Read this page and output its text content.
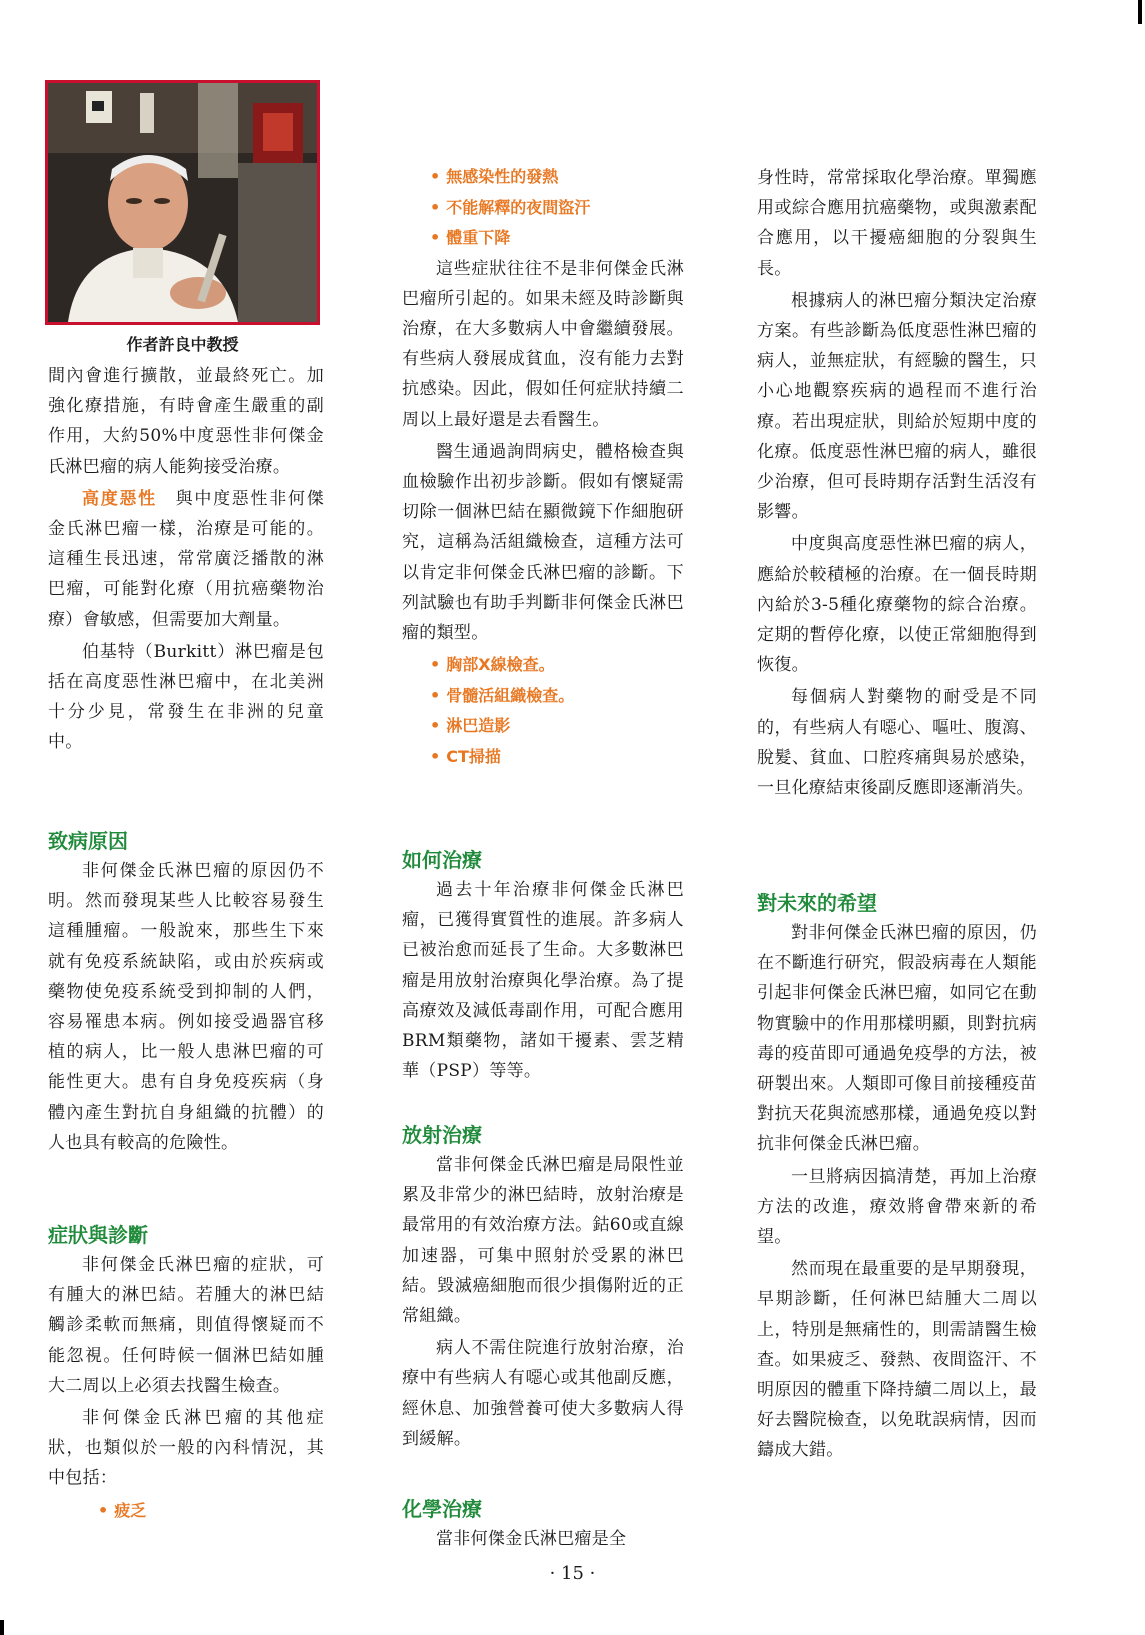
作者許良中教授

間內會進行擴散，並最終死亡。加強化療措施，有時會產生嚴重的副作用，大約50%中度惡性非何傑金氏淋巴瘤的病人能夠接受治療。

高度惡性　 與中度惡性非何傑金氏淋巴瘤一樣，治療是可能的。這種生長迅速，常常廣泛播散的淋巴瘤，可能對化療（用抗癌藥物治療）會敏感，但需要加大劑量。

伯基特（Burkitt）淋巴瘤是包括在高度惡性淋巴瘤中，在北美洲十分少見，常發生在非洲的兒童中。

致病原因

非何傑金氏淋巴瘤的原因仍不明。然而發現某些人比較容易發生這種腫瘤。一般說來，那些生下來就有免疫系統缺陷，或由於疾病或藥物使免疫系統受到抑制的人們，容易罹患本病。例如接受過器官移植的病人，比一般人患淋巴瘤的可能性更大。患有自身免疫疾病（身體內產生對抗自身組織的抗體）的人也具有較高的危險性。

症狀與診斷

非何傑金氏淋巴瘤的症狀，可有腫大的淋巴結。若腫大的淋巴結觸診柔軟而無痛，則值得懷疑而不能忽視。任何時候一個淋巴結如腫大二周以上必須去找醫生檢查。

非何傑金氏淋巴瘤的其他症狀，也類似於一般的內科情況，其中包括：

• 疲乏
• 無感染性的發熱
• 不能解釋的夜間盜汗
• 體重下降

這些症狀往往不是非何傑金氏淋巴瘤所引起的。如果未經及時診斷與治療，在大多數病人中會繼續發展。有些病人發展成貧血，沒有能力去對抗感染。因此，假如任何症狀持續二周以上最好還是去看醫生。

醫生通過詢問病史，體格檢查與血檢驗作出初步診斷。假如有懷疑需切除一個淋巴結在顯微鏡下作細胞研究，這稱為活組織檢查，這種方法可以肯定非何傑金氏淋巴瘤的診斷。下列試驗也有助手判斷非何傑金氏淋巴瘤的類型。

• 胸部X線檢查。
• 骨髓活組織檢查。
• 淋巴造影
• CT掃描
如何治療

過去十年治療非何傑金氏淋巴瘤，已獲得實質性的進展。許多病人已被治愈而延長了生命。大多數淋巴瘤是用放射治療與化學治療。為了提高療效及減低毒副作用，可配合應用BRM類藥物，諸如干擾素、雲芝精華（PSP）等等。

放射治療

當非何傑金氏淋巴瘤是局限性並累及非常少的淋巴結時，放射治療是最常用的有效治療方法。鈷60或直線加速器，可集中照射於受累的淋巴結。毀滅癌細胞而很少損傷附近的正常組織。

病人不需住院進行放射治療，治療中有些病人有噁心或其他副反應，經休息、加強營養可使大多數病人得到緩解。

化學治療

當非何傑金氏淋巴瘤是全

身性時，常常採取化學治療。單獨應用或綜合應用抗癌藥物，或與激素配合應用，以干擾癌細胞的分裂與生長。

根據病人的淋巴瘤分類決定治療方案。有些診斷為低度惡性淋巴瘤的病人，並無症狀，有經驗的醫生，只小心地觀察疾病的過程而不進行治療。若出現症狀，則給於短期中度的化療。低度惡性淋巴瘤的病人，雖很少治療，但可長時期存活對生活沒有影響。

中度與高度惡性淋巴瘤的病人，應給於較積極的治療。在一個長時期內給於3-5種化療藥物的綜合治療。定期的暫停化療，以使正常細胞得到恢復。

每個病人對藥物的耐受是不同的，有些病人有噁心、嘔吐、腹瀉、脫髮、貧血、口腔疼痛與易於感染，一旦化療結束後副反應即逐漸消失。

對未來的希望

對非何傑金氏淋巴瘤的原因，仍在不斷進行研究，假設病毒在人類能引起非何傑金氏淋巴瘤，如同它在動物實驗中的作用那樣明顯，則對抗病毒的疫苗即可通過免疫學的方法，被研製出來。人類即可像目前接種疫苗對抗天花與流感那樣，通過免疫以對抗非何傑金氏淋巴瘤。

一旦將病因搞清楚，再加上治療方法的改進，療效將會帶來新的希望。

然而現在最重要的是早期發現，早期診斷，任何淋巴結腫大二周以上，特別是無痛性的，則需請醫生檢查。如果疲乏、發熱、夜間盜汗、不明原因的體重下降持續二周以上，最好去醫院檢查，以免耽誤病情，因而鑄成大錯。

· 15 ·
